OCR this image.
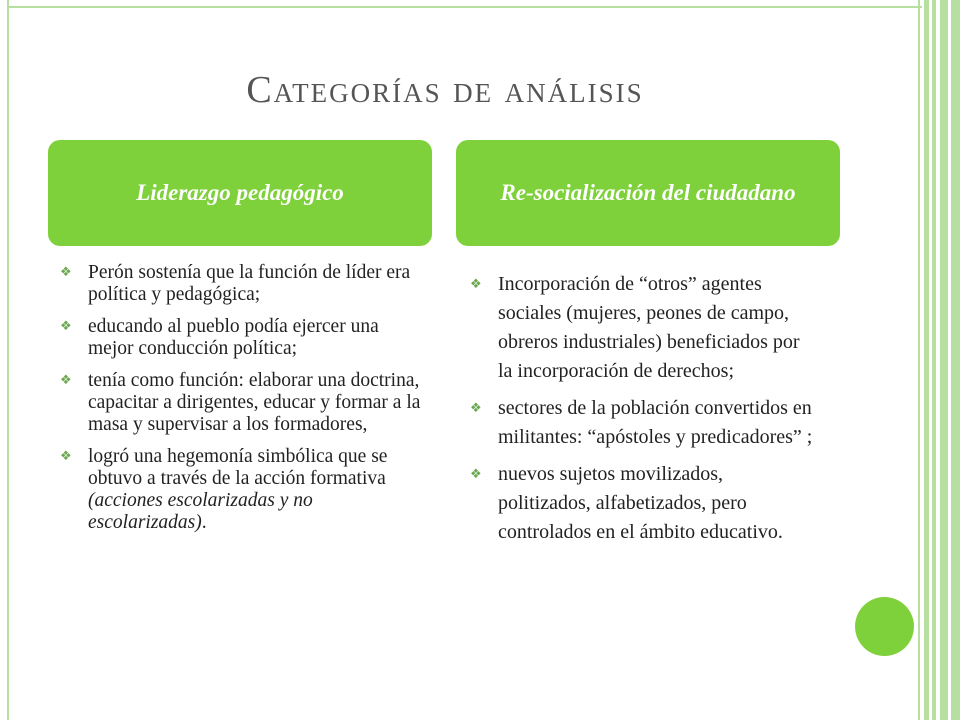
Categorías de análisis
Liderazgo pedagógico	Re-socialización del ciudadano
❖ Perón sostenía que la función de líder era política y pedagógica;
❖ educando al pueblo podía ejercer una mejor conducción política;
❖ tenía como función: elaborar una doctrina, capacitar a dirigentes, educar y formar a la masa y supervisar a los formadores,
❖ logró una hegemonía simbólica que se obtuvo a través de la acción formativa (acciones escolarizadas y no escolarizadas).
❖ Incorporación de “otros” agentes sociales (mujeres, peones de campo, obreros industriales) beneficiados por la incorporación de derechos;
❖ sectores de la población convertidos en militantes: “apóstoles y predicadores” ;
❖ nuevos sujetos movilizados, politizados, alfabetizados, pero controlados en el ámbito educativo.
